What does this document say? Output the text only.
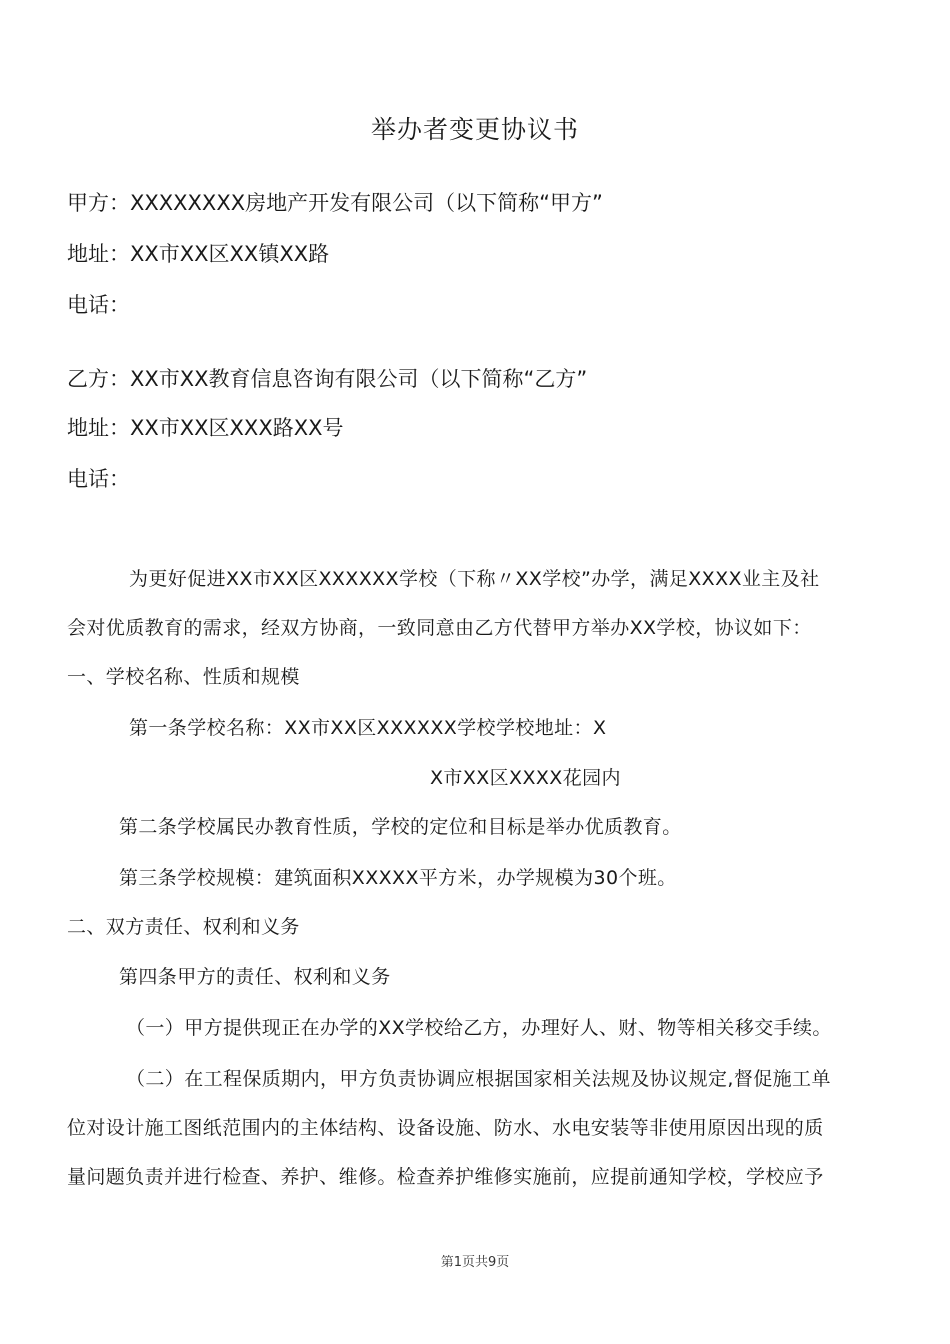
举办者变更协议书
甲方：XXXXXXXX房地产开发有限公司（以下简称“甲方”
地址：XX市XX区XX镇XX路
电话：
乙方：XX市XX教育信息咨询有限公司（以下简称“乙方”
地址：XX市XX区XXX路XX号
电话：
为更好促进XX市XX区XXXXXX学校（下称〃XX学校”办学，满足XXXX业主及社
会对优质教育的需求，经双方协商，一致同意由乙方代替甲方举办XX学校，协议如下：
一、学校名称、性质和规模
第一条学校名称：XX市XX区XXXXXX学校学校地址：X
X市XX区XXXX花园内
第二条学校属民办教育性质，学校的定位和目标是举办优质教育。
第三条学校规模：建筑面积XXXXX平方米，办学规模为30个班。
二、双方责任、权利和义务
第四条甲方的责任、权利和义务
（一）甲方提供现正在办学的XX学校给乙方，办理好人、财、物等相关移交手续。
（二）在工程保质期内，甲方负责协调应根据国家相关法规及协议规定,督促施工单
位对设计施工图纸范围内的主体结构、设备设施、防水、水电安装等非使用原因出现的质
量问题负责并进行检查、养护、维修。检查养护维修实施前，应提前通知学校，学校应予
第1页共9页
